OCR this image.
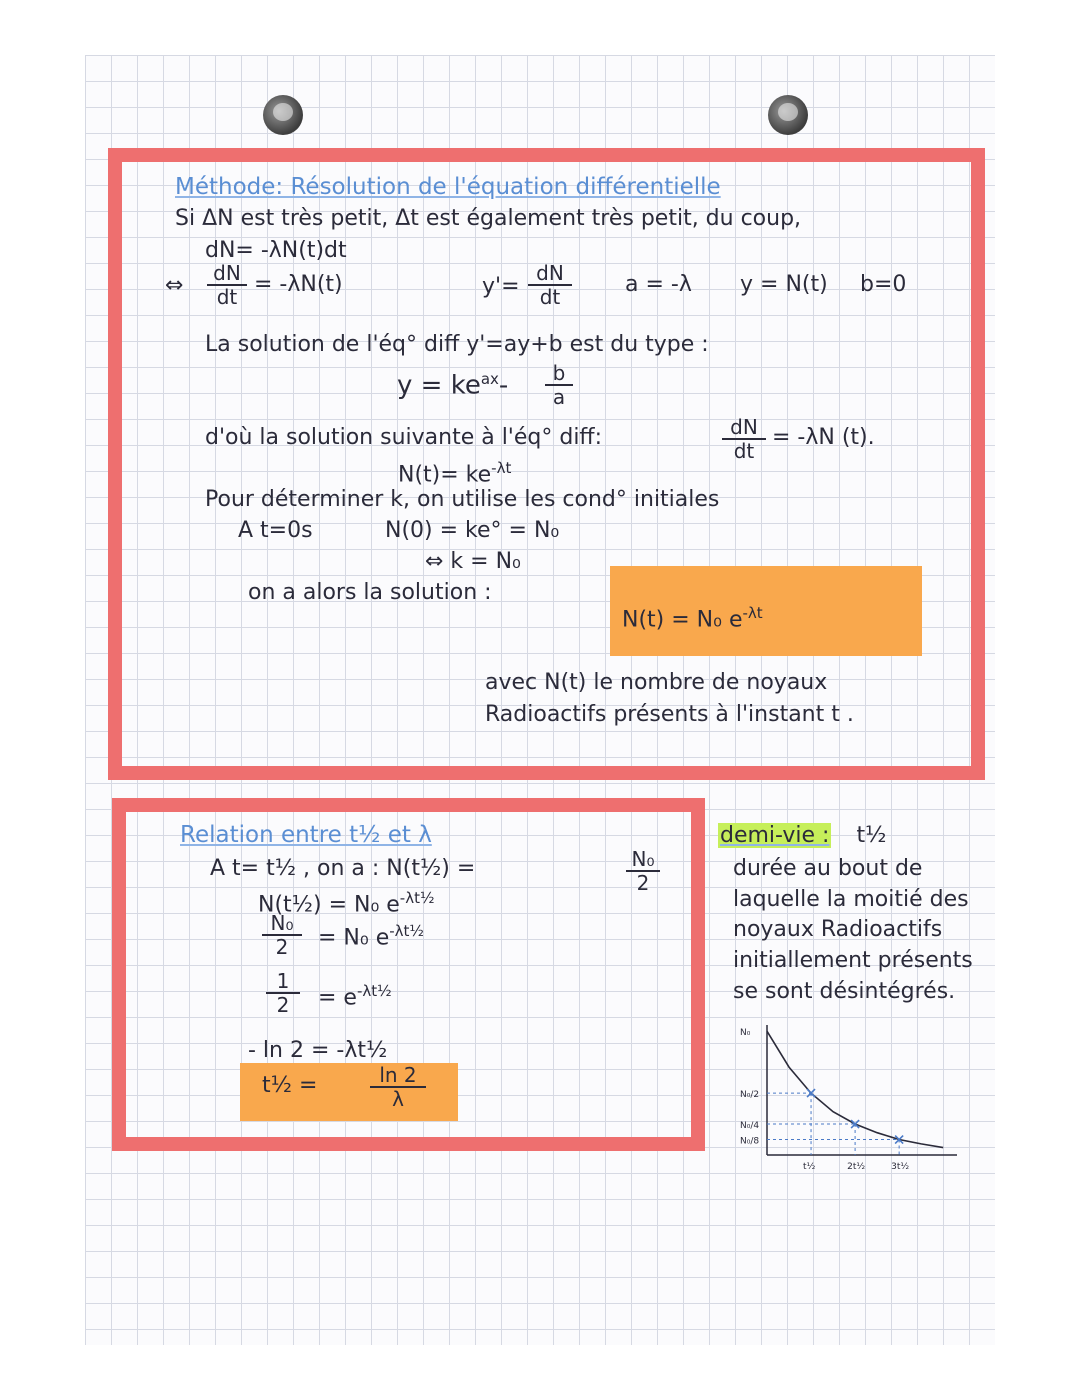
Méthode: Résolution de l'équation différentielle
Si ΔN est très petit, Δt est également très petit, du coup,
dN= -λN(t)dt
⇔ $\frac{dN}{dt} = -\lambda N(t)$	$y'= \frac{dN}{dt}$ a = -λ y = N(t) b=0
La solution de l'éq° diff y'=ay+b est du type :
$y = ke^{ax}- \frac{b}{a}$
d'où la solution suivante à l'éq° diff:	$\frac{dN}{dt} = -\lambda N$ (t).
$N(t)= ke^{-\lambda t}$
Pour déterminer k, on utilise les cond° initiales
A t=0s	N(0) = ke° = N₀
⇔ k = N₀
on a alors la solution :
N(t) = N₀ $e^{-\lambda t}$
avec N(t) le nombre de noyaux
Radioactifs présents à l'instant t .
Relation entre t½ et λ
A t= t½ , on a : N(t½) =	$\frac{\text{N₀}}{2}$
N(t½) = N₀ $e^{-\lambda t\frac{1}{2}}$
$\frac{\text{N₀}}{2} = N_0$ $e^{-\lambda t\frac{1}{2}}$
$\frac{1}{2} = e^{-\lambda t\frac{1}{2}}$
- ln 2 = -λt½
t½ =	$\frac{\ln 2}{\lambda}$
demi-vie : t½
durée au bout de
laquelle la moitié des
noyaux Radioactifs
initiallement présents
se sont désintégrés.
N₀
N₀/2
N₀/4
N₀/8
t½	2t½	3t½
